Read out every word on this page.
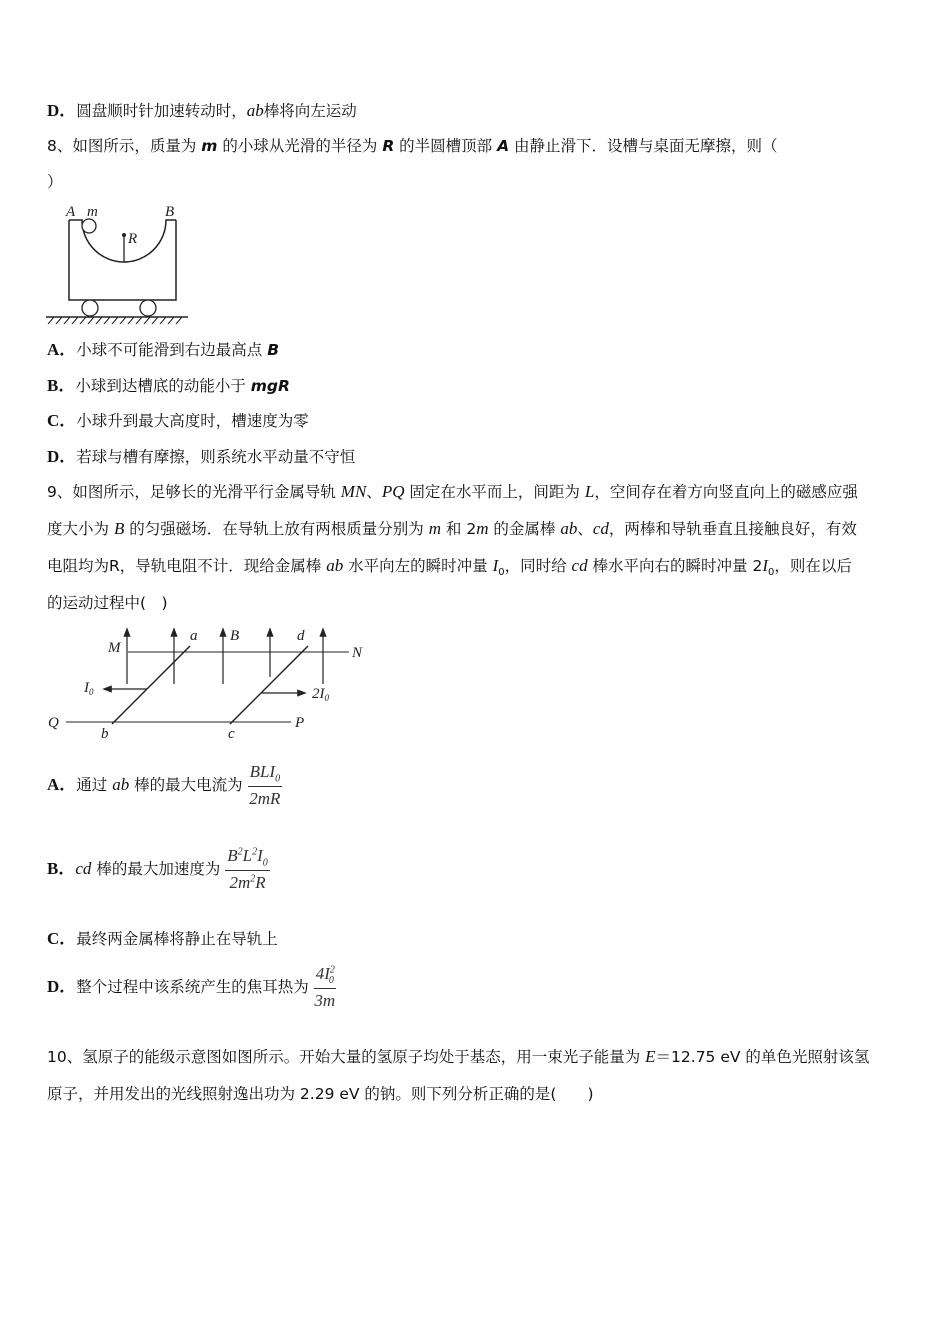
D．圆盘顺时针加速转动时，ab棒将向左运动
8、如图所示，质量为 m 的小球从光滑的半径为 R 的半圆槽顶部 A 由静止滑下．设槽与桌面无摩擦，则（
）
A m	B
R
A．小球不可能滑到右边最高点 B
B．小球到达槽底的动能小于 mgR
C．小球升到最大高度时，槽速度为零
D．若球与槽有摩擦，则系统水平动量不守恒
9、如图所示，足够长的光滑平行金属导轨 MN、PQ 固定在水平而上，间距为 L，空间存在着方向竖直向上的磁感应强
度大小为 B 的匀强磁场．在导轨上放有两根质量分别为 m 和 2m 的金属棒 ab、cd，两棒和导轨垂直且接触良好，有效
电阻均为R，导轨电阻不计．现给金属棒 ab 水平向左的瞬时冲量 $I_0$，同时给 cd 棒水平向右的瞬时冲量 $2I_0$，则在以后
的运动过程中(　)
M
a B	d
N
$I_0$	$2I_0$
Q
b	c
P
A．通过 ab 棒的最大电流为 $\frac{BLI_0}{2mR}$
B．cd 棒的最大加速度为 $\frac{B^2L^2I_0}{2m^2R}$
C．最终两金属棒将静止在导轨上
D．整个过程中该系统产生的焦耳热为 $\frac{4I^2_0}{3m}$
10、氢原子的能级示意图如图所示。开始大量的氢原子均处于基态，用一束光子能量为 E＝12.75 eV 的单色光照射该氢
原子，并用发出的光线照射逸出功为 2.29 eV 的钠。则下列分析正确的是(　　)
